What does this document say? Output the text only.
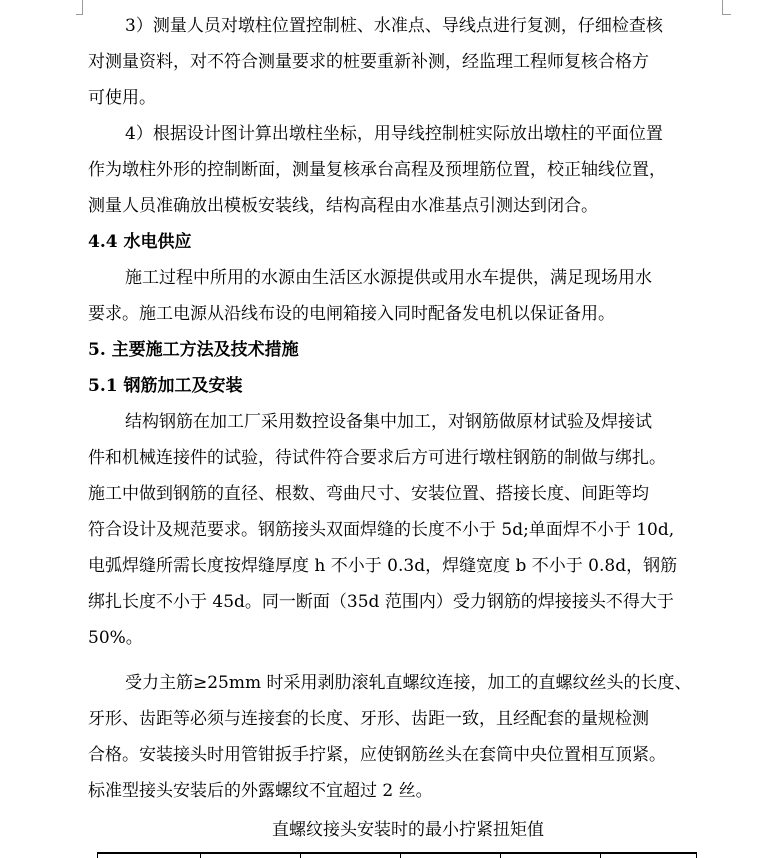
3）测量人员对墩柱位置控制桩、水准点、导线点进行复测，仔细检查核
对测量资料，对不符合测量要求的桩要重新补测，经监理工程师复核合格方
可使用。
4）根据设计图计算出墩柱坐标，用导线控制桩实际放出墩柱的平面位置
作为墩柱外形的控制断面，测量复核承台高程及预埋筋位置，校正轴线位置，
测量人员准确放出模板安装线，结构高程由水准基点引测达到闭合。
4.4 水电供应
施工过程中所用的水源由生活区水源提供或用水车提供，满足现场用水
要求。施工电源从沿线布设的电闸箱接入同时配备发电机以保证备用。
5. 主要施工方法及技术措施
5.1 钢筋加工及安装
结构钢筋在加工厂采用数控设备集中加工，对钢筋做原材试验及焊接试
件和机械连接件的试验，待试件符合要求后方可进行墩柱钢筋的制做与绑扎。
施工中做到钢筋的直径、根数、弯曲尺寸、安装位置、搭接长度、间距等均
符合设计及规范要求。钢筋接头双面焊缝的长度不小于 5d;单面焊不小于 10d,
电弧焊缝所需长度按焊缝厚度 h 不小于 0.3d，焊缝宽度 b 不小于 0.8d，钢筋
绑扎长度不小于 45d。同一断面（35d 范围内）受力钢筋的焊接接头不得大于
50%。
受力主筋≥25mm 时采用剥肋滚轧直螺纹连接，加工的直螺纹丝头的长度、
牙形、齿距等必须与连接套的长度、牙形、齿距一致，且经配套的量规检测
合格。安装接头时用管钳扳手拧紧，应使钢筋丝头在套筒中央位置相互顶紧。
标准型接头安装后的外露螺纹不宜超过 2 丝。
直螺纹接头安装时的最小拧紧扭矩值
